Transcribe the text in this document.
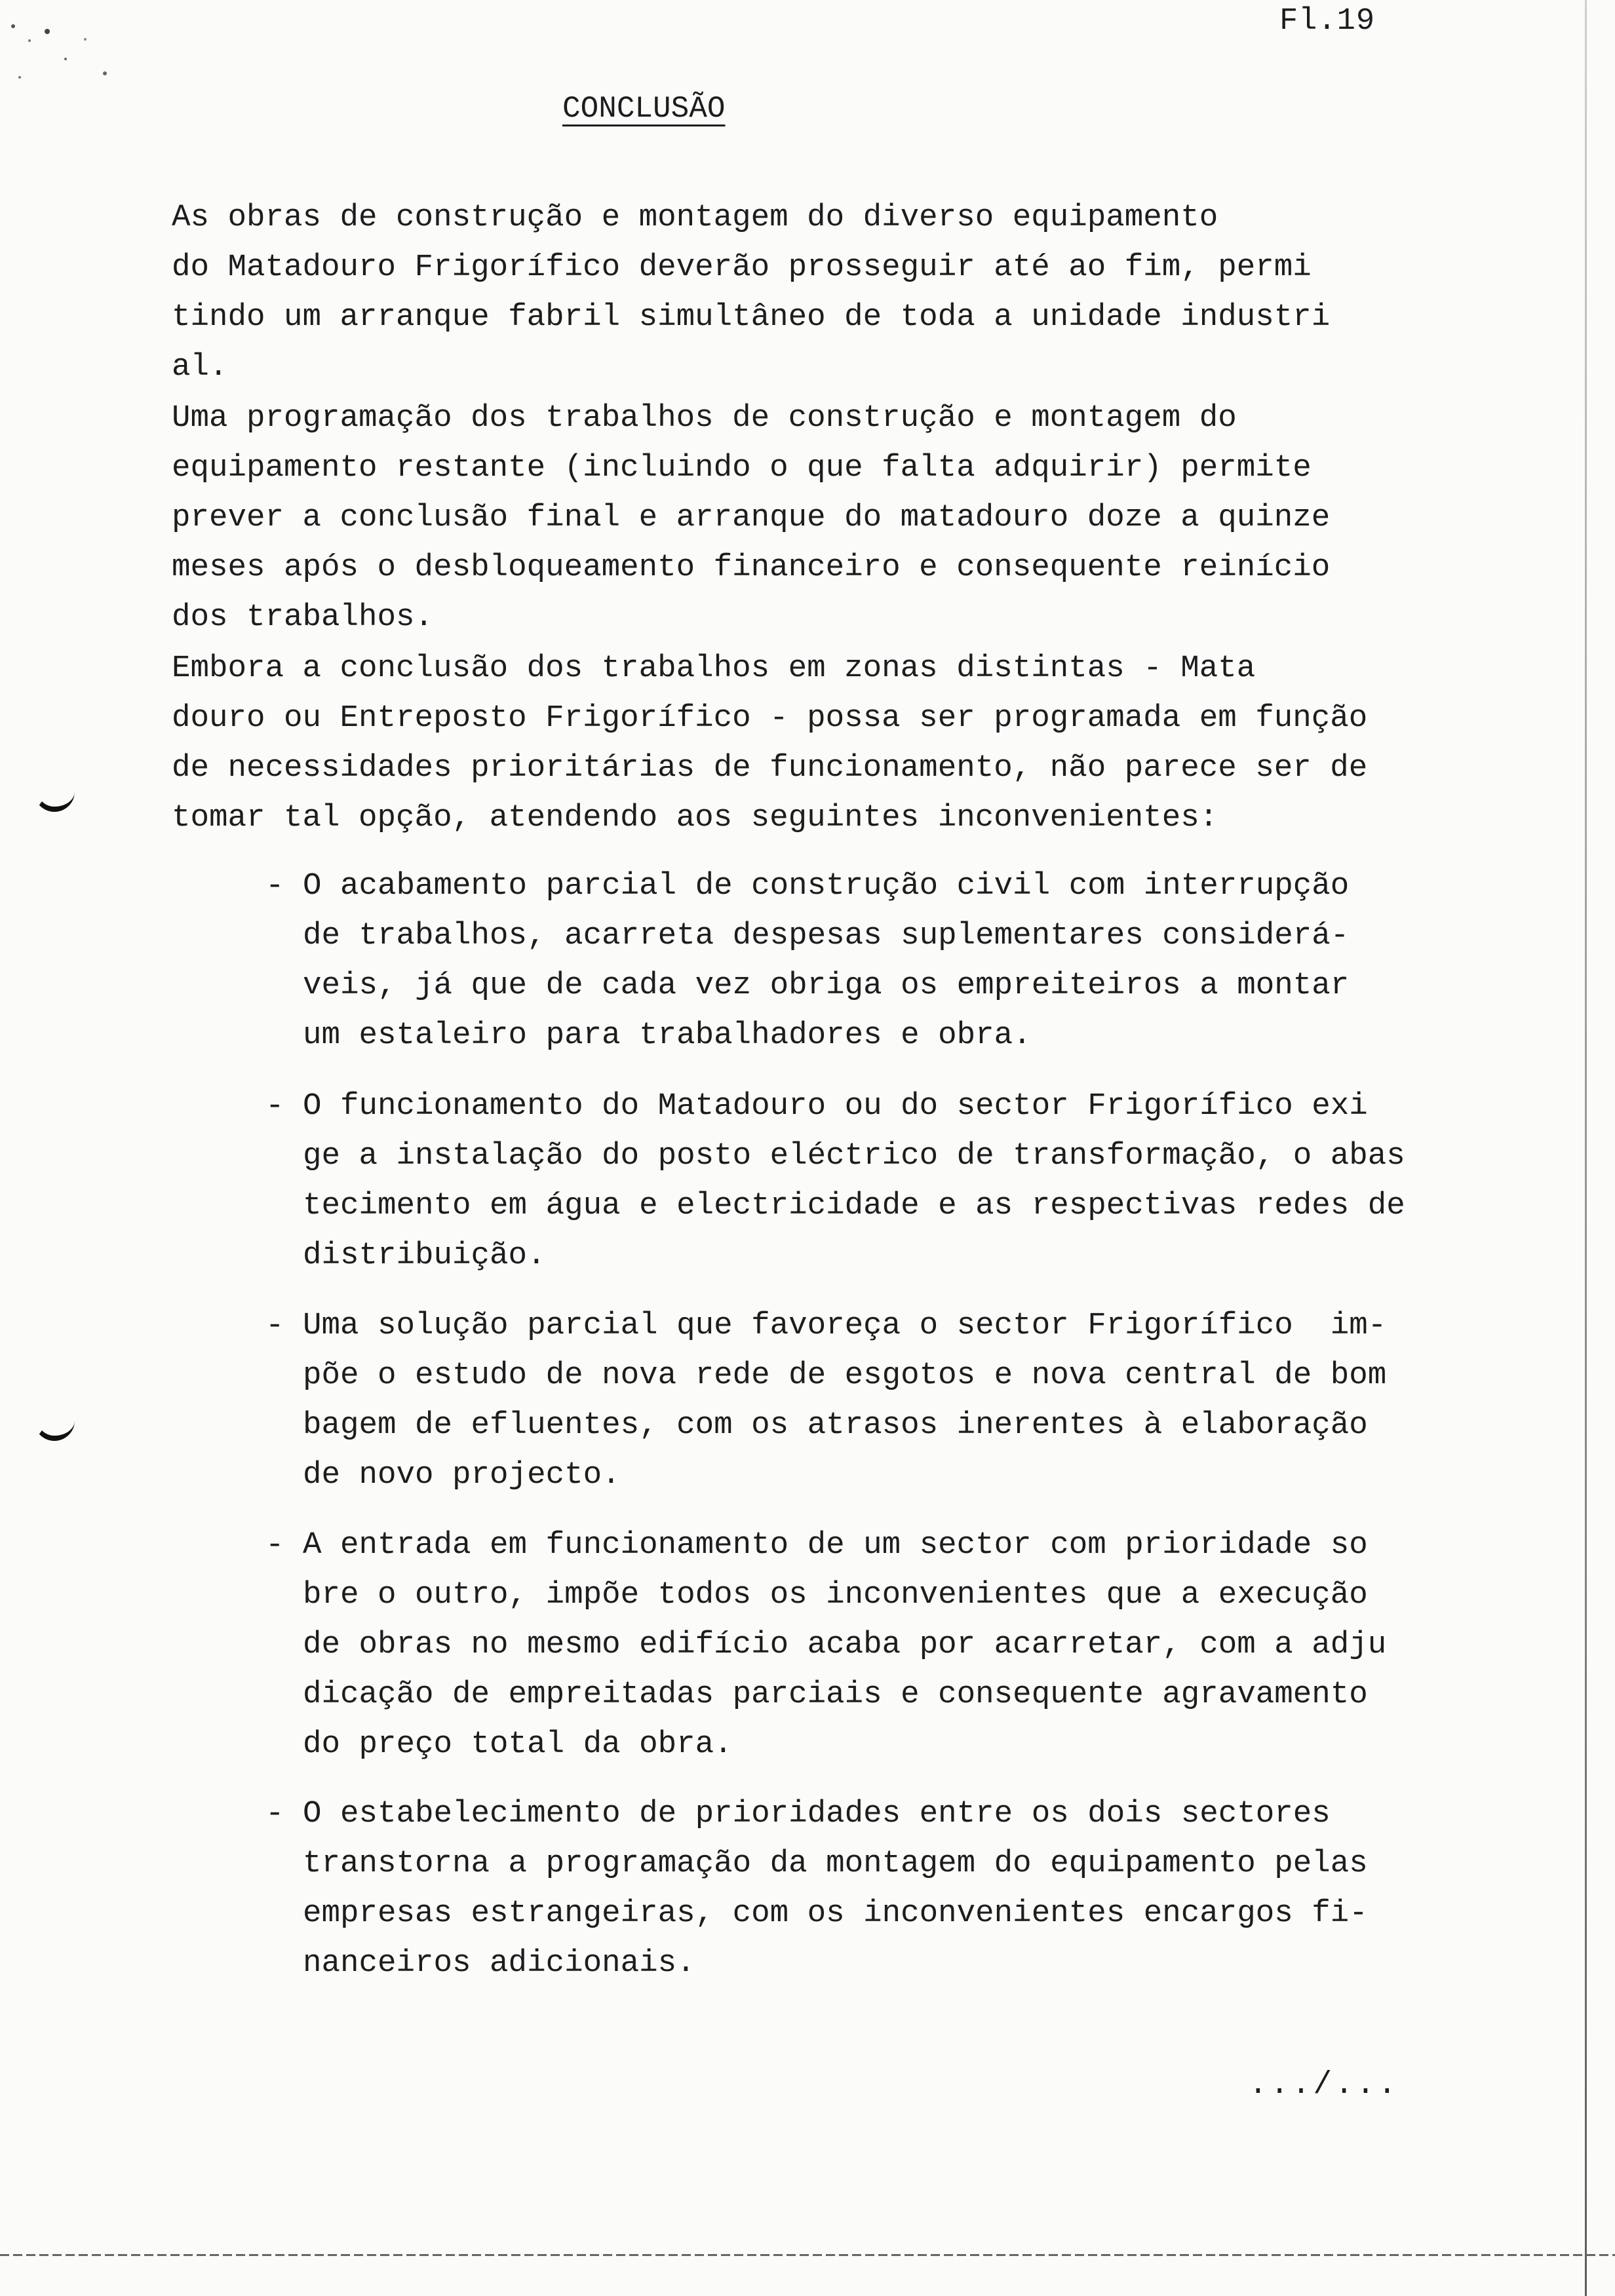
Fl.19
CONCLUSÃO
As obras de construção e montagem do diverso equipamento
do Matadouro Frigorífico deverão prosseguir até ao fim, permi
tindo um arranque fabril simultâneo de toda a unidade industri
al.
Uma programação dos trabalhos de construção e montagem do
equipamento restante (incluindo o que falta adquirir) permite
prever a conclusão final e arranque do matadouro doze a quinze
meses após o desbloqueamento financeiro e consequente reinício
dos trabalhos.
Embora a conclusão dos trabalhos em zonas distintas - Mata
douro ou Entreposto Frigorífico - possa ser programada em função
de necessidades prioritárias de funcionamento, não parece ser de
tomar tal opção, atendendo aos seguintes inconvenientes:
- O acabamento parcial de construção civil com interrupção
de trabalhos, acarreta despesas suplementares considerá-
veis, já que de cada vez obriga os empreiteiros a montar
um estaleiro para trabalhadores e obra.
- O funcionamento do Matadouro ou do sector Frigorífico exi
ge a instalação do posto eléctrico de transformação, o abas
tecimento em água e electricidade e as respectivas redes de
distribuição.
- Uma solução parcial que favoreça o sector Frigorífico  im-
põe o estudo de nova rede de esgotos e nova central de bom
bagem de efluentes, com os atrasos inerentes à elaboração
de novo projecto.
- A entrada em funcionamento de um sector com prioridade so
bre o outro, impõe todos os inconvenientes que a execução
de obras no mesmo edifício acaba por acarretar, com a adju
dicação de empreitadas parciais e consequente agravamento
do preço total da obra.
- O estabelecimento de prioridades entre os dois sectores
transtorna a programação da montagem do equipamento pelas
empresas estrangeiras, com os inconvenientes encargos fi-
nanceiros adicionais.
.../...
